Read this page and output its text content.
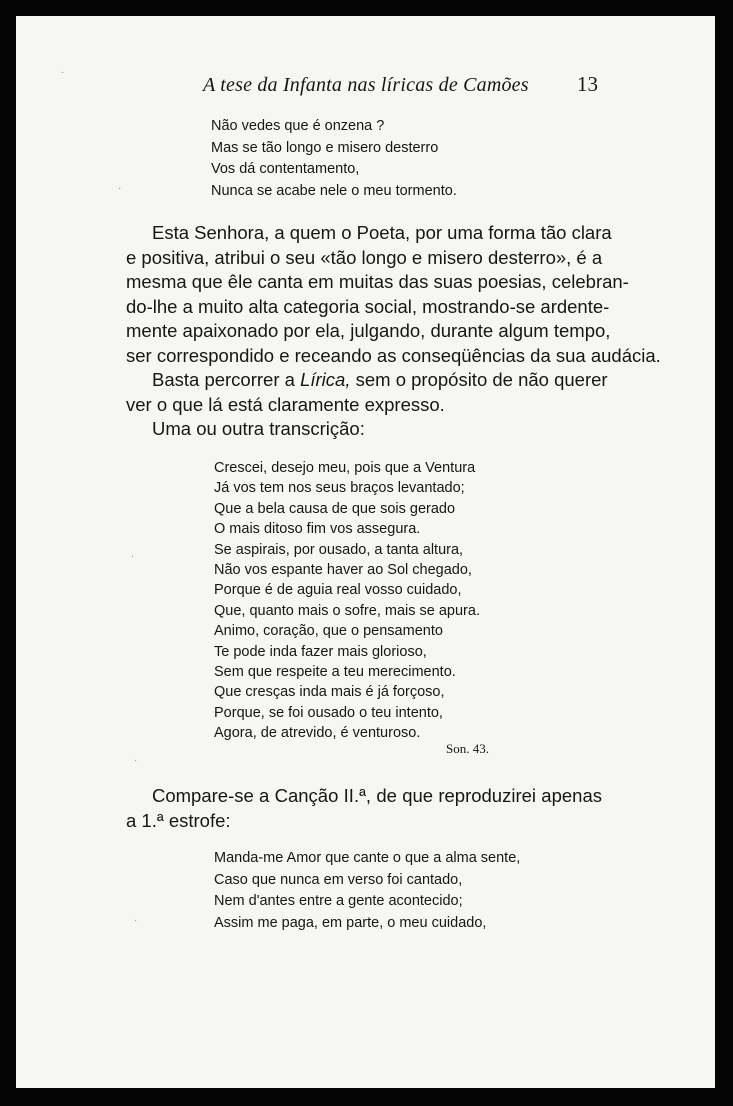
A tese da Infanta nas líricas de Camões 13
Não vedes que é onzena ?
Mas se tão longo e misero desterro
Vos dá contentamento,
Nunca se acabe nele o meu tormento.

Esta Senhora, a quem o Poeta, por uma forma tão clara
e positiva, atribui o seu «tão longo e misero desterro», é a
mesma que êle canta em muitas das suas poesias, celebran-
do-lhe a muito alta categoria social, mostrando-se ardente-
mente apaixonado por ela, julgando, durante algum tempo,
ser correspondido e receando as conseqüências da sua audácia.

Basta percorrer a Lírica, sem o propósito de não querer
ver o que lá está claramente expresso.

Uma ou outra transcrição:

Crescei, desejo meu, pois que a Ventura
Já vos tem nos seus braços levantado;
Que a bela causa de que sois gerado
O mais ditoso fim vos assegura.
Se aspirais, por ousado, a tanta altura,
Não vos espante haver ao Sol chegado,
Porque é de aguia real vosso cuidado,
Que, quanto mais o sofre, mais se apura.
Animo, coração, que o pensamento
Te pode inda fazer mais glorioso,
Sem que respeite a teu merecimento.
Que cresças inda mais é já forçoso,
Porque, se foi ousado o teu intento,
Agora, de atrevido, é venturoso.
Son. 43.

Compare-se a Canção II.ª, de que reproduzirei apenas
a 1.ª estrofe:

Manda-me Amor que cante o que a alma sente,
Caso que nunca em verso foi cantado,
Nem d'antes entre a gente acontecido;
Assim me paga, em parte, o meu cuidado,
·
·
·
·
·
